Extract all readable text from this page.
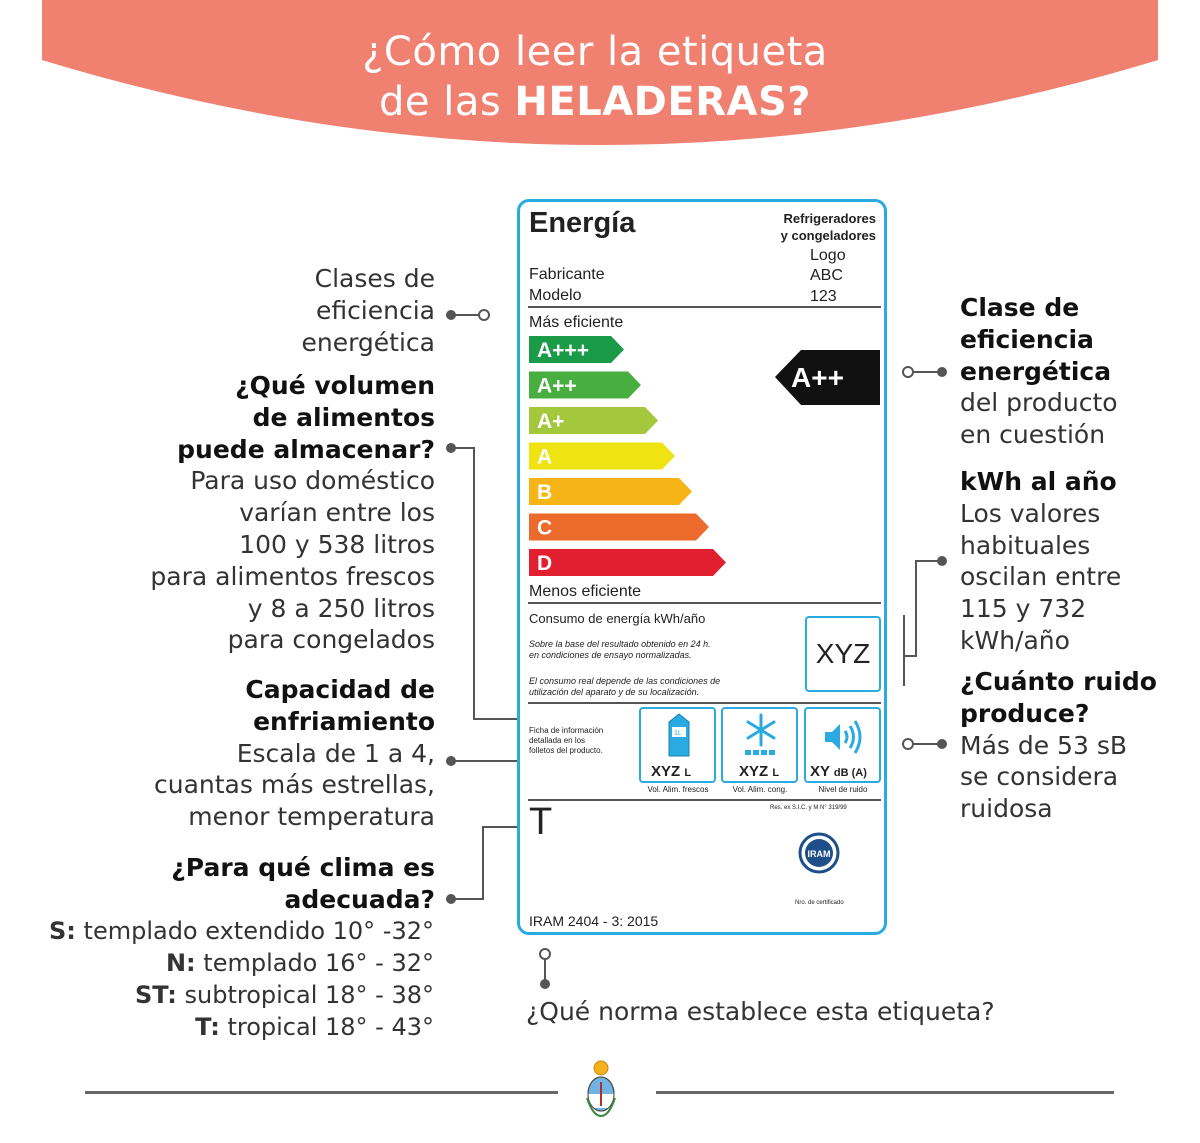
¿Cómo leer la etiqueta
de las HELADERAS?
Clases de
eficiencia
energética
¿Qué volumen
de alimentos
puede almacenar?
Para uso doméstico
varían entre los
100 y 538 litros
para alimentos frescos
y 8 a 250 litros
para congelados
Capacidad de
enfriamiento
Escala de 1 a 4,
cuantas más estrellas,
menor temperatura
¿Para qué clima es
adecuada?
S: templado extendido 10° -32°
N: templado 16° - 32°
ST: subtropical 18° - 38°
T: tropical 18° - 43°
Clase de
eficiencia
energética
del producto
en cuestión
kWh al año
Los valores
habituales
oscilan entre
115 y 732
kWh/año
¿Cuánto ruido
produce?
Más de 53 sB
se considera
ruidosa
¿Qué norma establece esta etiqueta?
Energía	Refrigeradores
y congeladores
Logo
Fabricante	ABC
Modelo	123
Más eficiente
A+++
A++
A+
A
B
C
D
A++
Menos eficiente
Consumo de energía kWh/año
Sobre la base del resultado obtenido en 24 h.
en condiciones de ensayo normalizadas.
El consumo real depende de las condiciones de
utilización del aparato y de su localización.
XYZ
Ficha de información
detallada en los
folletos del producto.
1L
XYZ L
Vol. Alim. frescos
XYZ L
Vol. Alim. cong.
XY dB (A)
Nivel de ruido
Res. ex S.I.C. y M N° 319/99
T
IRAM
Nro. de certificado
IRAM 2404 - 3: 2015
